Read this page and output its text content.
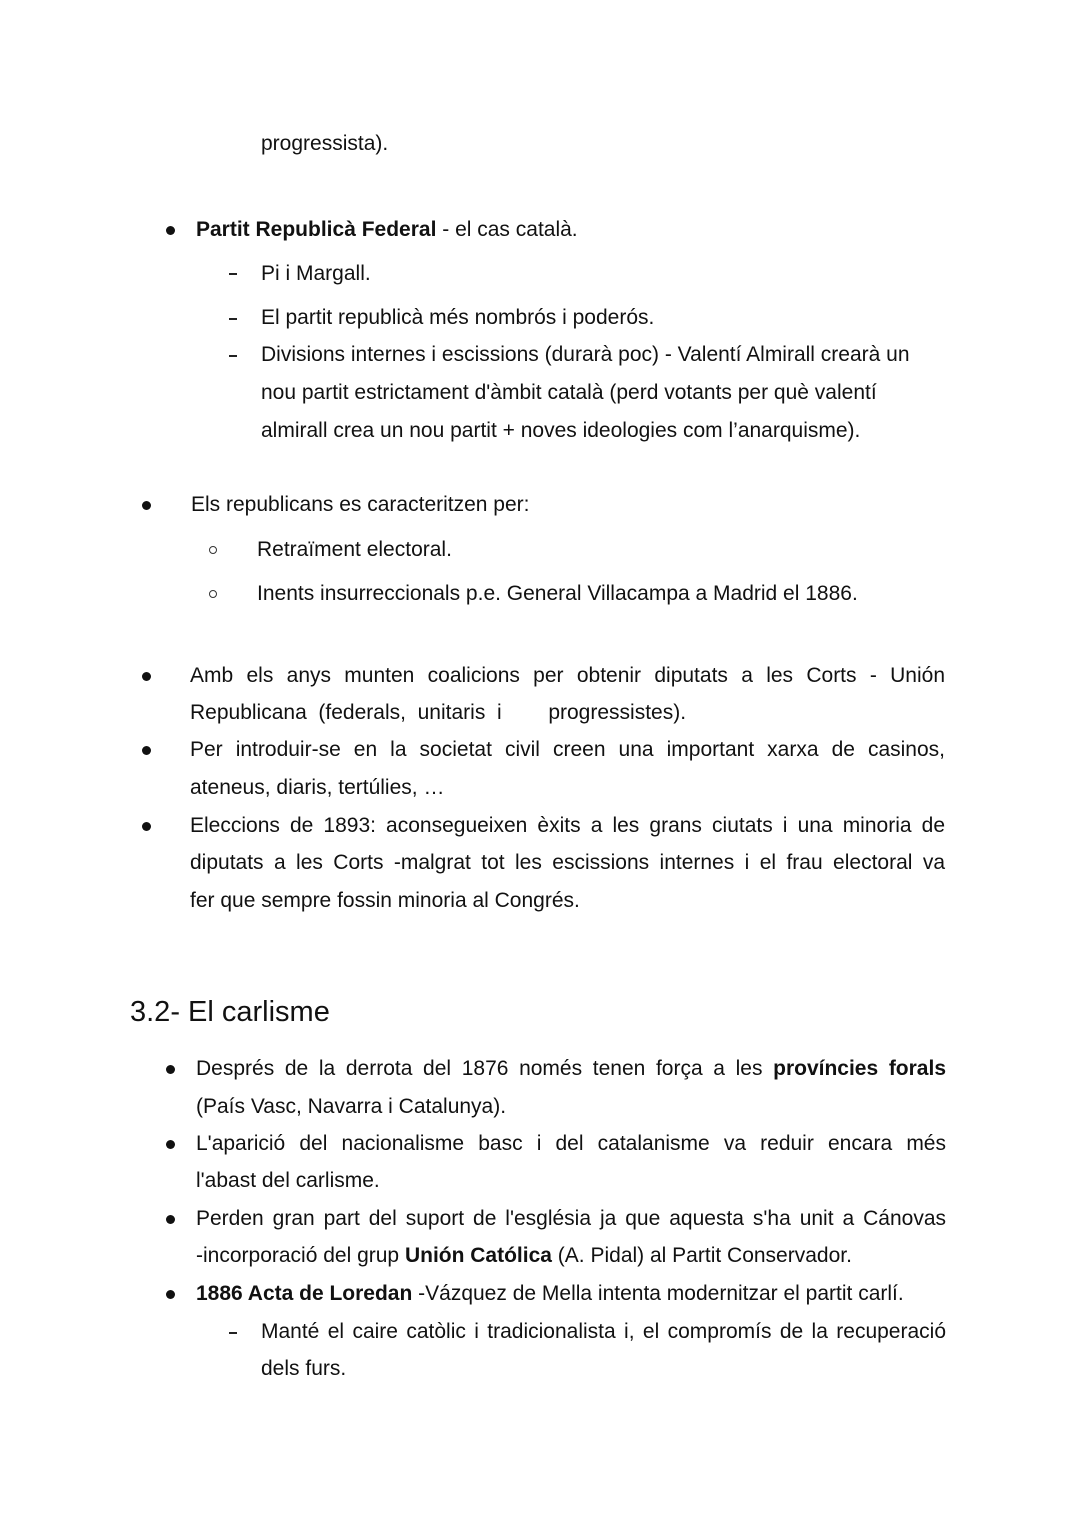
progressista).
Partit Republicà Federal - el cas català.
Pi i Margall.
El partit republicà més nombrós i poderós.
Divisions internes i escissions (durarà poc) - Valentí Almirall crearà un
nou partit estrictament d'àmbit català (perd votants per què valentí
almirall crea un nou partit + noves ideologies com l’anarquisme).
Els republicans es caracteritzen per:
Retraïment electoral.
Inents insurreccionals p.e. General Villacampa a Madrid el 1886.
Amb els anys munten coalicions per obtenir diputats a les Corts - Unión
Republicana  (federals,  unitaris  i        progressistes).
Per introduir-se en la societat civil creen una important xarxa de casinos,
ateneus, diaris, tertúlies, …
Eleccions de 1893: aconsegueixen èxits a les grans ciutats i una minoria de
diputats a les Corts -malgrat tot les escissions internes i el frau electoral va
fer que sempre fossin minoria al Congrés.
3.2- El carlisme
Després de la derrota del 1876 només tenen força a les províncies forals
(País Vasc, Navarra i Catalunya).
L'aparició del nacionalisme basc i del catalanisme va reduir encara més
l'abast del carlisme.
Perden gran part del suport de l'església ja que aquesta s'ha unit a Cánovas
-incorporació del grup Unión Católica (A. Pidal) al Partit Conservador.
1886 Acta de Loredan -Vázquez de Mella intenta modernitzar el partit carlí.
Manté el caire catòlic i tradicionalista i, el compromís de la recuperació
dels furs.
